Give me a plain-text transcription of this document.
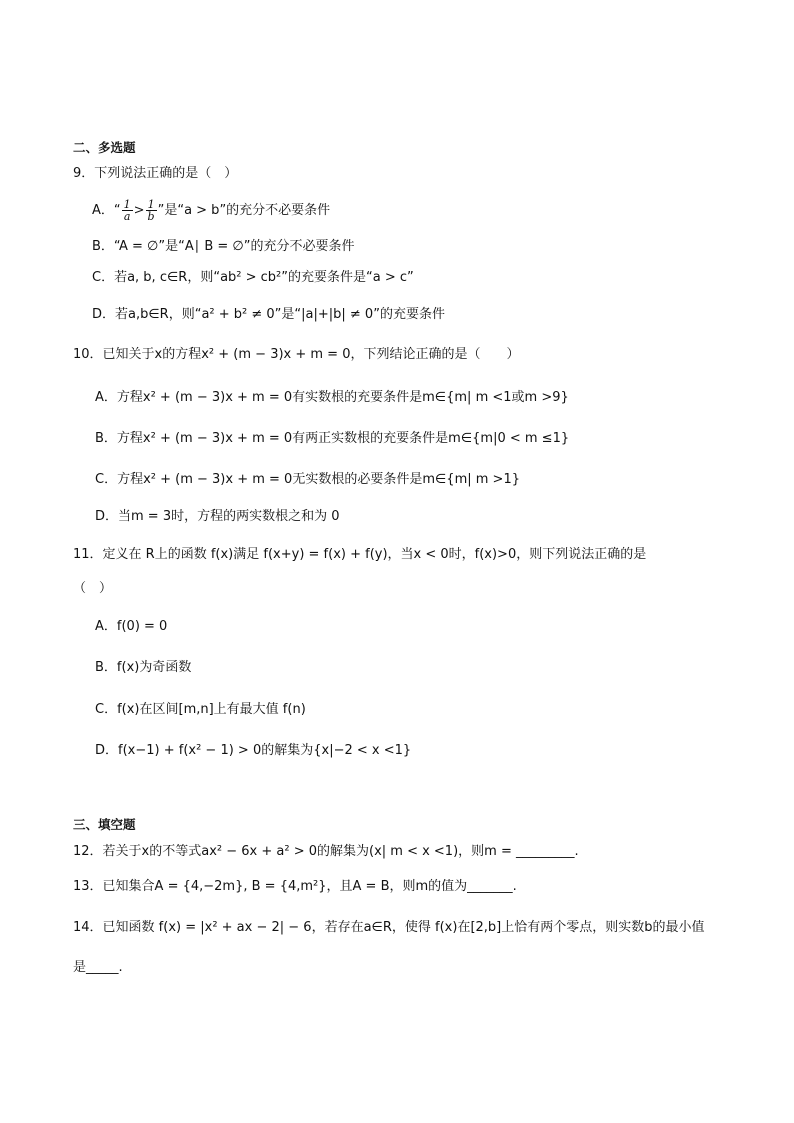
二、多选题
9．下列说法正确的是（　）
A．“ $\frac{1}{a} > \frac{1}{b}$ ”是“a > b”的充分不必要条件
B．“A = ∅”是“A∣ B = ∅”的充分不必要条件
C．若a, b, c∈R，则“ab² > cb²”的充要条件是“a > c”
D．若a,b∈R，则“a² + b² ≠ 0”是“|a|+|b| ≠ 0”的充要条件
10．已知关于x的方程x² + (m − 3)x + m = 0，下列结论正确的是（　　）
A．方程x² + (m − 3)x + m = 0有实数根的充要条件是m∈{m| m <1或m >9}
B．方程x² + (m − 3)x + m = 0有两正实数根的充要条件是m∈{m|0 < m ≤1}
C．方程x² + (m − 3)x + m = 0无实数根的必要条件是m∈{m| m >1}
D．当m = 3时，方程的两实数根之和为 0
11．定义在 R上的函数 f(x)满足 f(x+y) = f(x) + f(y)，当x < 0时，f(x)>0，则下列说法正确的是
（　）
A．f(0) = 0
B．f(x)为奇函数
C．f(x)在区间[m,n]上有最大值 f(n)
D．f(x−1) + f(x² − 1) > 0的解集为{x|−2 < x <1}
三、填空题
12．若关于x的不等式ax² − 6x + a² > 0的解集为(x| m < x <1)，则m = _________.
13．已知集合A = {4,−2m}, B = {4,m²}，且A = B，则m的值为_______.
14．已知函数 f(x) = |x² + ax − 2| − 6，若存在a∈R，使得 f(x)在[2,b]上恰有两个零点，则实数b的最小值
是_____.
